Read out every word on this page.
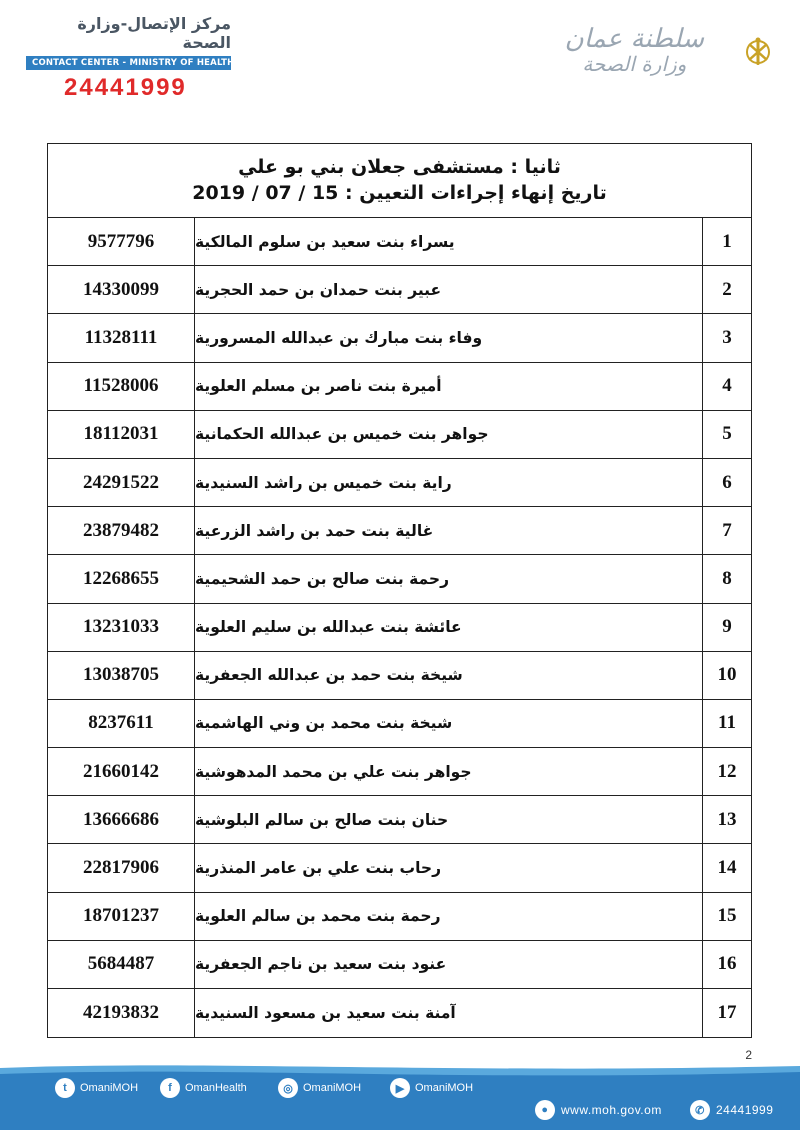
مركز الإتصال-وزارة الصحة
CONTACT CENTER - MINISTRY OF HEALTH
24441999
سلطنة عمان
وزارة الصحة
ثانيا : مستشفى جعلان بني بو علي
تاريخ إنهاء إجراءات التعيين : 15 / 07 / 2019
9577796	يسراء بنت سعيد بن سلوم المالكية	1
14330099	عبير بنت حمدان بن حمد الحجرية	2
11328111	وفاء بنت مبارك بن عبدالله المسرورية	3
11528006	أميرة بنت ناصر بن مسلم العلوية	4
18112031	جواهر بنت خميس بن عبدالله الحكمانية	5
24291522	راية بنت خميس بن راشد السنيدية	6
23879482	غالية بنت حمد بن راشد الزرعية	7
12268655	رحمة بنت صالح بن حمد الشحيمية	8
13231033	عائشة بنت عبدالله بن سليم العلوية	9
13038705	شيخة بنت حمد بن عبدالله الجعفرية	10
8237611	شيخة بنت محمد بن وني الهاشمية	11
21660142	جواهر بنت علي بن محمد المدهوشية	12
13666686	حنان بنت صالح بن سالم البلوشية	13
22817906	رحاب بنت علي بن عامر المنذرية	14
18701237	رحمة بنت محمد بن سالم العلوية	15
5684487	عنود بنت سعيد بن ناجم الجعفرية	16
42193832	آمنة بنت سعيد بن مسعود السنيدية	17
2
t	OmaniMOH	f	OmanHealth	◎ OmaniMOH	▶ OmaniMOH
●	www.moh.gov.om	✆ 24441999
